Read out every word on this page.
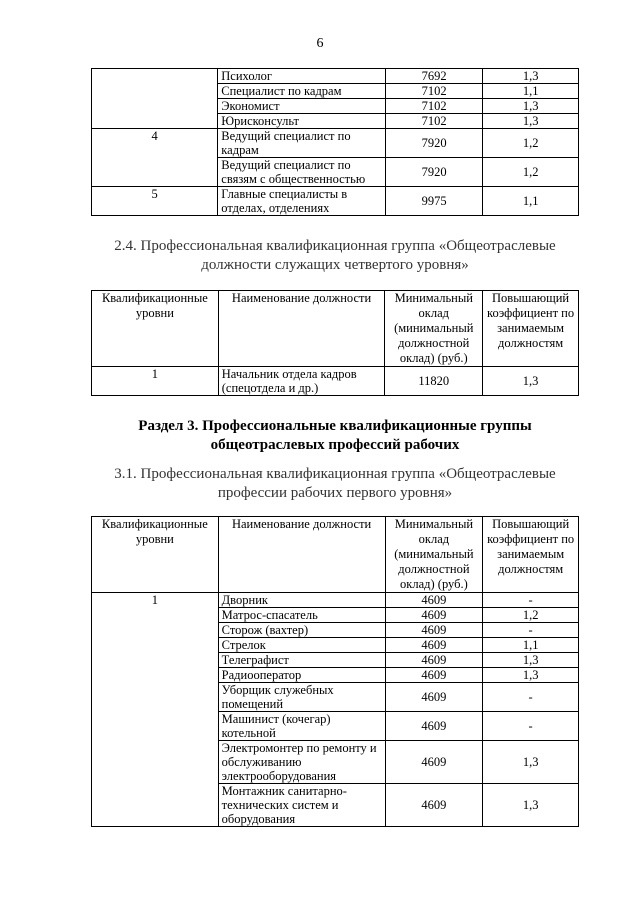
6
	Психолог	7692	1,3
	Специалист по кадрам	7102	1,1
	Экономист	7102	1,3
	Юрисконсульт	7102	1,3
4	Ведущий специалист по кадрам	7920	1,2
	Ведущий специалист по связям с общественностью	7920	1,2
5	Главные специалисты в отделах, отделениях	9975	1,1
2.4. Профессиональная квалификационная группа «Общеотраслевые должности служащих четвертого уровня»
Квалификационные уровни	Наименование должности	Минимальный оклад (минимальный должностной оклад) (руб.)	Повышающий коэффициент по занимаемым должностям
1	Начальник отдела кадров (спецотдела и др.)	11820	1,3
Раздел 3. Профессиональные квалификационные группы общеотраслевых профессий рабочих
3.1. Профессиональная квалификационная группа «Общеотраслевые профессии рабочих первого уровня»
Квалификационные уровни	Наименование должности	Минимальный оклад (минимальный должностной оклад) (руб.)	Повышающий коэффициент по занимаемым должностям
1	Дворник	4609	-
	Матрос-спасатель	4609	1,2
	Сторож (вахтер)	4609	-
	Стрелок	4609	1,1
	Телеграфист	4609	1,3
	Радиооператор	4609	1,3
	Уборщик служебных помещений	4609	-
	Машинист (кочегар) котельной	4609	-
	Электромонтер по ремонту и обслуживанию электрооборудования	4609	1,3
	Монтажник санитарно-технических систем и оборудования	4609	1,3
